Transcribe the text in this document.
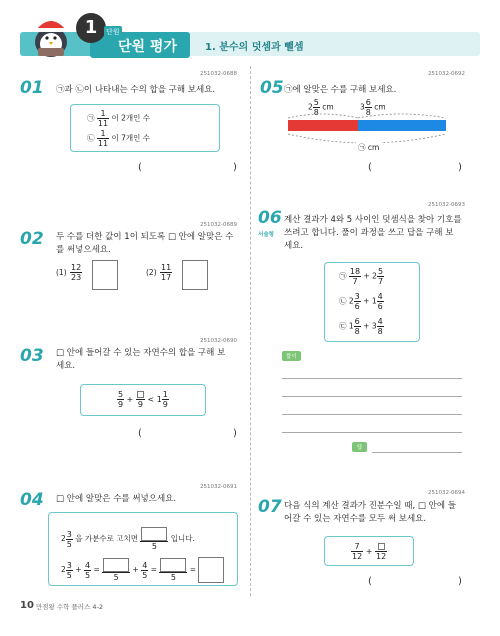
1	단원
단원 평가	1. 분수의 덧셈과 뺄셈
251032-0688
01 ㉠과 ㉡이 나타내는 수의 합을 구해 보세요.
㉠ $\frac{1}{11}$ 이 2개인 수
㉡ $\frac{1}{11}$ 이 7개인 수
(	)
251032-0689
02 두 수를 더한 값이 1이 되도록 □ 안에 알맞은 수
를 써넣으세요.
$(1) \frac{12}{23}$	$(2) \frac{11}{17}$
251032-0690
03 □ 안에 들어갈 수 있는 자연수의 합을 구해 보
세요.
$\frac{5}{9}$ +
9
< $1 \frac{1}{9}$
(	)
251032-0691
04 □ 안에 알맞은 수를 써넣으세요.
$2 \frac{3}{5}$ 을 가분수로 고치면
5
입니다.
$2 \frac{3}{5} + \frac{4}{5}$ =
5
+ $\frac{4}{5}$ =
5
=
251032-0692
05 ㉠에 알맞은 수를 구해 보세요.
$2 \frac{5}{8}$ cm	$3 \frac{6}{8}$ cm
㉠ cm
(	)
251032-0693
06
서술형
계산 결과가 4와 5 사이인 덧셈식을 찾아 기호를
쓰려고 합니다. 풀이 과정을 쓰고 답을 구해 보
세요.
㉠ $\frac{18}{7} + 2 \frac{5}{7}$
㉡ $2 \frac{3}{6} + 1 \frac{4}{6}$
㉢ $1 \frac{6}{8} + 3 \frac{4}{8}$
풀이
답
251032-0694
07 다음 식의 계산 결과가 진분수일 때, □ 안에 들
어갈 수 있는 자연수를 모두 써 보세요.
$\frac{7}{12}$ +
12
(	)
10 만점왕 수학 플러스 4-2
